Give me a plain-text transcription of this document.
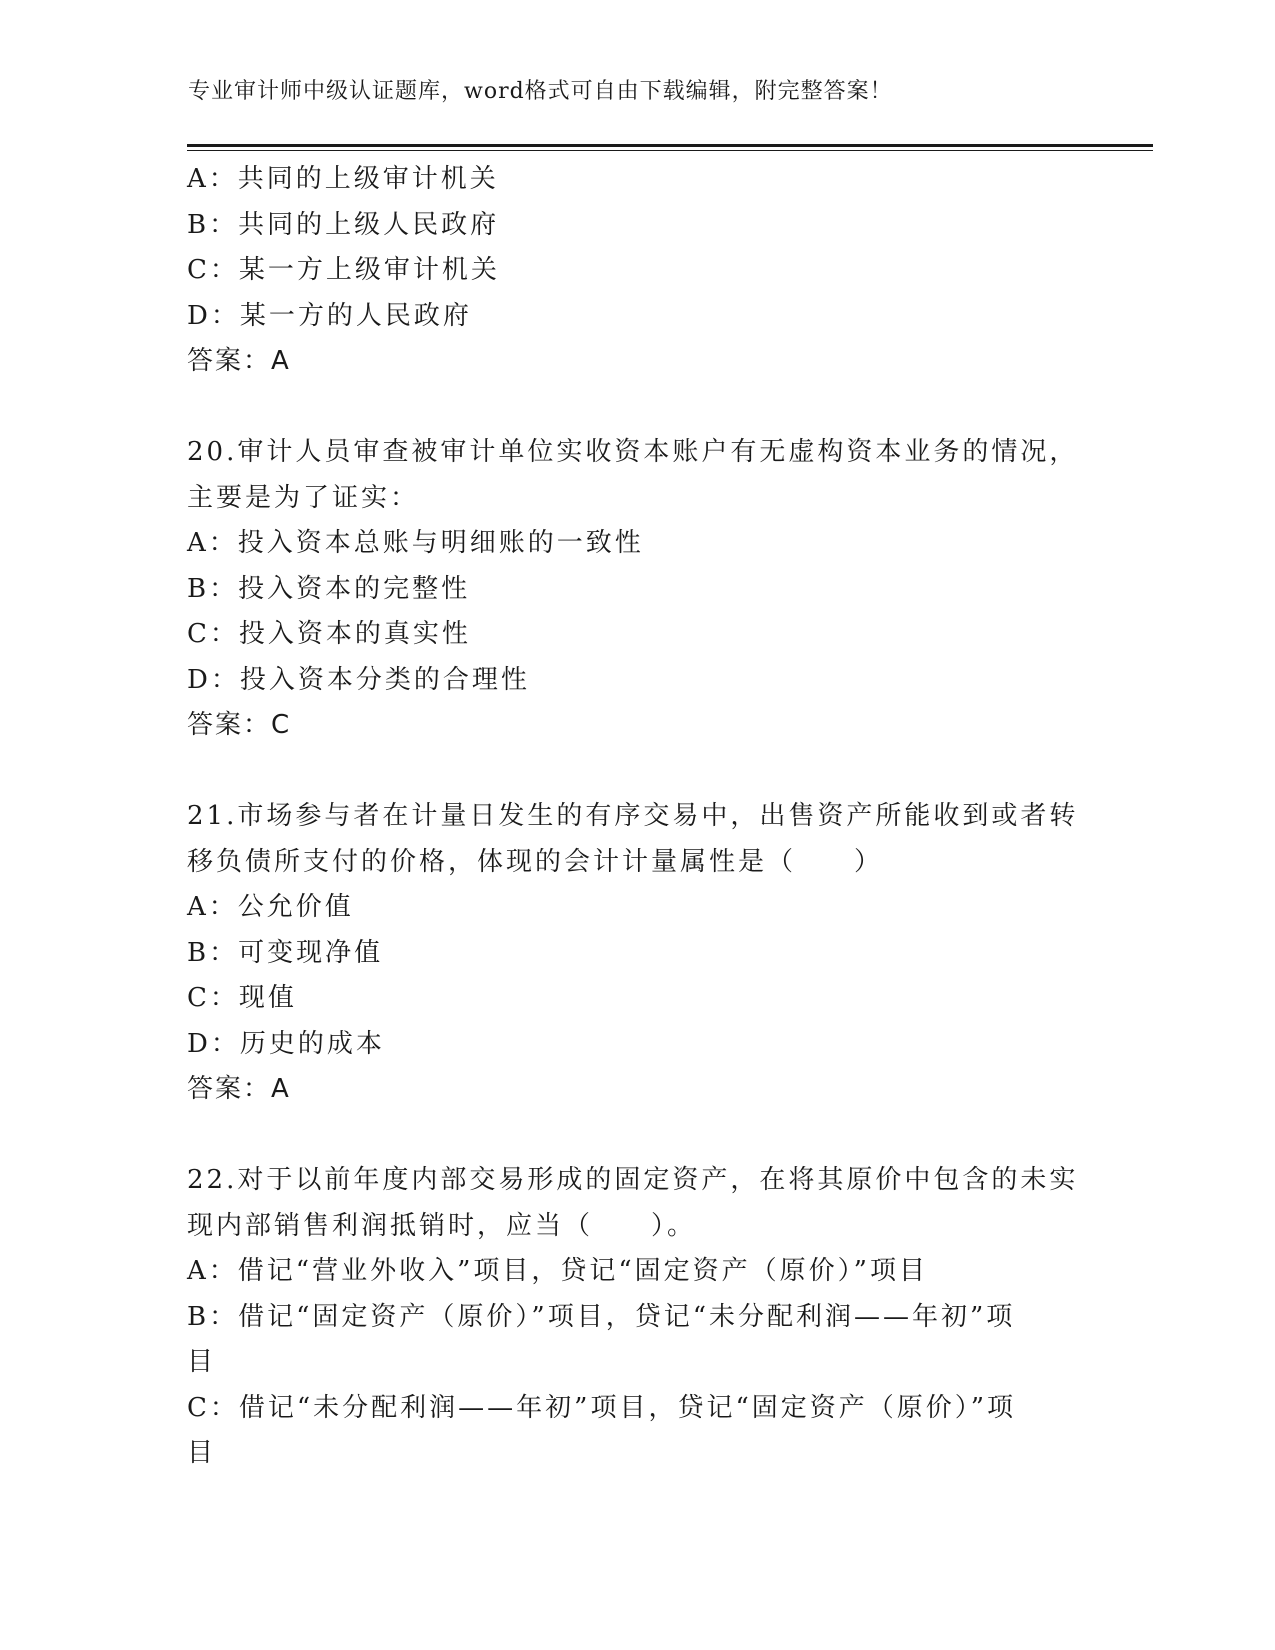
专业审计师中级认证题库，word格式可自由下载编辑，附完整答案！
A：共同的上级审计机关
B：共同的上级人民政府
C：某一方上级审计机关
D：某一方的人民政府
答案：A
20.审计人员审查被审计单位实收资本账户有无虚构资本业务的情况，
主要是为了证实：
A：投入资本总账与明细账的一致性
B：投入资本的完整性
C：投入资本的真实性
D：投入资本分类的合理性
答案：C
21.市场参与者在计量日发生的有序交易中，出售资产所能收到或者转
移负债所支付的价格，体现的会计计量属性是（　　）
A：公允价值
B：可变现净值
C：现值
D：历史的成本
答案：A
22.对于以前年度内部交易形成的固定资产，在将其原价中包含的未实
现内部销售利润抵销时，应当（　　）。
A：借记“营业外收入”项目，贷记“固定资产（原价）”项目
B：借记“固定资产（原价）”项目，贷记“未分配利润——年初”项
目
C：借记“未分配利润——年初”项目，贷记“固定资产（原价）”项
目
